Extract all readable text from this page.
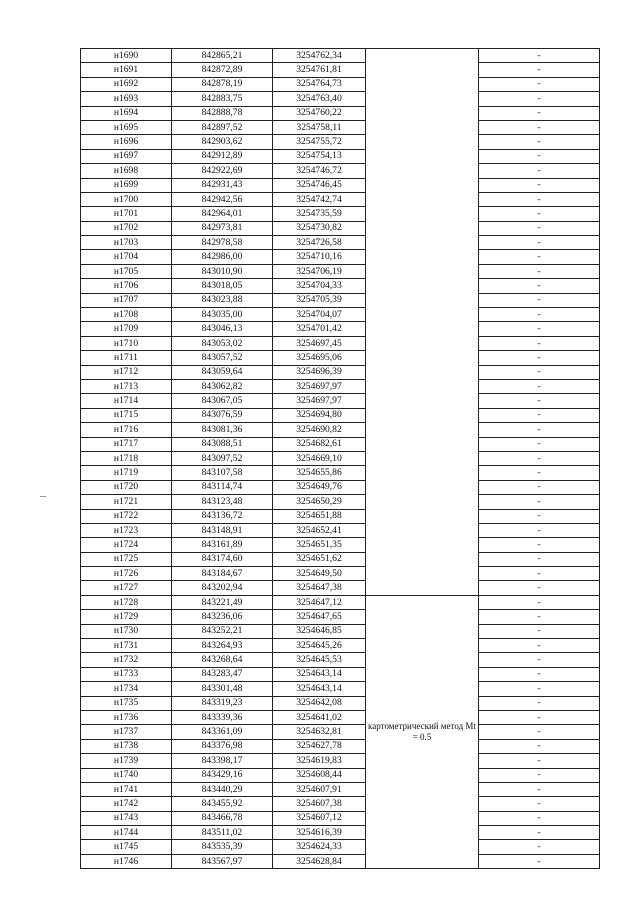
н1690	842865,21	3254762,34		-
н1691	842872,89	3254761,81		-
н1692	842878,19	3254764,73		-
н1693	842883,75	3254763,40		-
н1694	842888,78	3254760,22		-
н1695	842897,52	3254758,11		-
н1696	842903,62	3254755,72		-
н1697	842912,89	3254754,13		-
н1698	842922,69	3254746,72		-
н1699	842931,43	3254746,45		-
н1700	842942,56	3254742,74		-
н1701	842964,01	3254735,59		-
н1702	842973,81	3254730,82		-
н1703	842978,58	3254726,58		-
н1704	842986,00	3254710,16		-
н1705	843010,90	3254706,19		-
н1706	843018,05	3254704,33		-
н1707	843023,88	3254705,39		-
н1708	843035,00	3254704,07		-
н1709	843046,13	3254701,42		-
н1710	843053,02	3254697,45		-
н1711	843057,52	3254695,06		-
н1712	843059,64	3254696,39		-
н1713	843062,82	3254697,97		-
н1714	843067,05	3254697,97		-
н1715	843076,59	3254694,80		-
н1716	843081,36	3254690,82		-
н1717	843088,51	3254682,61		-
н1718	843097,52	3254669,10		-
н1719	843107,58	3254655,86		-
н1720	843114,74	3254649,76		-
н1721	843123,48	3254650,29		-
н1722	843136,72	3254651,88		-
н1723	843148,91	3254652,41		-
н1724	843161,89	3254651,35		-
н1725	843174,60	3254651,62		-
н1726	843184,67	3254649,50		-
н1727	843202,94	3254647,38		-
н1728	843221,49	3254647,12	картометрический метод Mt = 0.5	-
н1729	843236,06	3254647,65		-
н1730	843252,21	3254646,85		-
н1731	843264,93	3254645,26		-
н1732	843268,64	3254645,53		-
н1733	843283,47	3254643,14		-
н1734	843301,48	3254643,14		-
н1735	843319,23	3254642,08		-
н1736	843339,36	3254641,02		-
н1737	843361,09	3254632,81		-
н1738	843376,98	3254627,78		-
н1739	843398,17	3254619,83		-
н1740	843429,16	3254608,44		-
н1741	843440,29	3254607,91		-
н1742	843455,92	3254607,38		-
н1743	843466,78	3254607,12		-
н1744	843511,02	3254616,39		-
н1745	843535,39	3254624,33		-
н1746	843567,97	3254628,84		-
